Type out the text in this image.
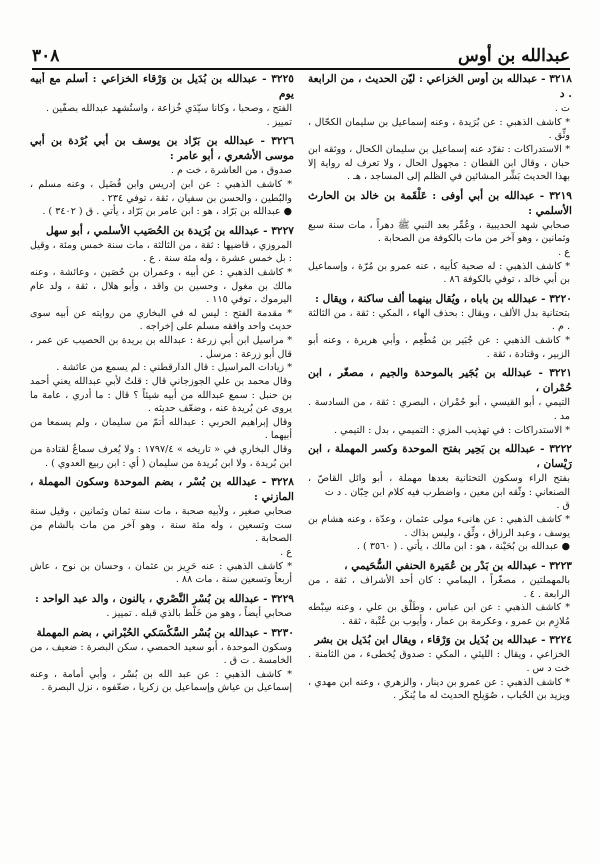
عبدالله بن أوس
٣٠٨

٣٢١٨ - عبدالله بن أوس الخزاعي : ليّن الحديث ، من الرابعة . د

ت .

* كاشف الذهبي : عن بُرَيدة ، وعنه إسماعيل بن سليمان الكحّال ، وثِّق .

* الاستدراكات : تفرّد عنه إسماعيل بن سليمان الكحال ، ووثقه ابن حبان ، وقال ابن القطان : مجهول الحال ، ولا تعرف له رواية إلا بهذا الحديث بَشِّر المشائين في الظلم إلى المساجد ، هـ .

٣٢١٩ - عبدالله بن أبي أوفى : عَلْقَمة بن خالد بن الحارث الأسلمي :

صحابي شهد الحديبية ، وعُمِّر بعد النبي ﷺ دهراً ، مات سنة سبع وثمانين ، وهو آخر من مات بالكوفة من الصحابة .

ع .

* كاشف الذهبي : له صحبة كأبيه ، عنه عمرو بن مُرّة ، وإسماعيل بن أبي خالد ، توفي بالكوفة ٨٦ .

٣٢٢٠ - عبدالله بن باباه ، ويُقال بينهما ألف ساكنة ، ويقال :

بتحتانية بدل الألف ، ويقال : بحذف الهاء ، المكي : ثقة ، من الثالثة . م .

* كاشف الذهبي : عن جُبَير بن مُطْعِم ، وأبي هريرة ، وعنه أبو الزبير ، وقتادة ، ثقة .

٣٢٢١ - عبدالله بن بُجَير بالموحدة والجيم ، مصغّر ، ابن حُمْران ،

التيمي ، أبو القيسي ، أبو حُمْران ، البصري : ثقة ، من السادسة . مد .

* الاستدراكات : في تهذيب المزي : التميمي ، بدل : التيمي .

٣٢٢٢ - عبدالله بن بَحِير بفتح الموحدة وكسر المهملة ، ابن رَيْسان ،

بفتح الراء وسكون التحتانية بعدها مهملة ، أبو وائل القاصّ ، الصنعاني : وثّقه ابن معين ، واضطرب فيه كلام ابن حِبّان . د ت

ق .

* كاشف الذهبي : عن هانىء مولى عثمان ، وعدّة ، وعنه هشام بن يوسف ، وعبد الرزاق ، وثِّق ، وليس بذاك .

● عبدالله بن بُحَيْنة ، هو : ابن مالك ، يأتي . ( ٣٥٦٠ ) .

٣٢٢٣ - عبدالله بن بَدْر بن عُمَيرة الحنفي السُّحَيمي ،

بالمهملتين ، مصغّراً ، اليمامي : كان أحد الأشراف ، ثقة ، من الرابعة . ٤ .

* كاشف الذهبي : عن ابن عباس ، وطَلْق بن علي ، وعنه سِبْطه مُلازِم بن عمرو ، وعكرمة بن عمار ، وأيوب بن عُتْبة ، ثقة .

٣٢٢٤ - عبدالله بن بُدَيل بن وَرْقاء ، ويقال ابن بُدَيل بن بشر

الخزاعي ، ويقال : الليثي ، المكي : صدوق يُخطىء ، من الثامنة . خت د س .

* كاشف الذهبي : عن عمرو بن دينار ، والزهري ، وعنه ابن مهدي ، ويزيد بن الحُباب ، صُوَيلح الحديث له ما يُنكَر .

٣٢٢٥ - عبدالله بن بُدَيل بن وَرْقاء الخزاعي : أسلم مع أبيه يوم

الفتح ، وصحبا ، وكانا سيّدَي خُزاعة ، واستُشهد عبدالله بصفّين .

تمييز .

٣٢٢٦ - عبدالله بن بَرّاد بن يوسف بن أبي بُرْدة بن أبي موسى الأشعري ، أبو عامر :

صدوق ، من العاشرة ، خت م .

* كاشف الذهبي : عن ابن إدريس وابن فُضَيل ، وعنه مسلم ، والبُطين ، والحسن بن سفيان ، ثقة ، توفي ٢٣٤ .

● عبدالله بن بَرّاد ، هو : ابن عامر بن بَرّاد ، يأتي . ق ( ٣٤٠٢ ) .

٣٢٢٧ - عبدالله بن بُرَيدة بن الحُصَيب الأسلمي ، أبو سهل

المروزي ، قاضيها : ثقة ، من الثالثة ، مات سنة خمس ومئة ، وقيل : بل خمس عشرة ، وله مئة سنة . ع .

* كاشف الذهبي : عن أبيه ، وعمران بن حُصَين ، وعائشة ، وعنه مالك بن مغول ، وحسين بن واقد ، وأبو هلال ، ثقة ، ولد عام اليرموك ، توفي ١١٥ .

* مقدمة الفتح : ليس له في البخاري من روايته عن أبيه سوى حديث واحد وافقه مسلم على إخراجه .

* مراسيل ابن أبي زرعة : عبدالله بن بريدة بن الحصيب عن عمر ، قال أبو زرعة : مرسل .

* زيادات المراسيل : قال الدارقطني : لم يسمع من عائشة .

وقال محمد بن علي الجوزجاني قال : قلتُ لأبي عبدالله يعني أحمد بن حنبل : سمع عبدالله من أبيه شيئاً ؟ قال : ما أدري ، عامة ما يروى عن بُريدة عنه ، وضعّف حديثه .

وقال إبراهيم الحربي : عبدالله أتمّ من سليمان ، ولم يسمعا من أبيهما .

وقال البخاري في « تاريخه » ١٧٩٧/٤ : ولا يُعرف سماعٌ لقتادة من ابن بُريدة ، ولا ابن بُريدة من سليمان ( أي : ابن ربيع العدوي ) .

٣٢٢٨ - عبدالله بن بُسْر ، بضم الموحدة وسكون المهملة ، المازني :

صحابي صغير ، ولأبيه صحبة ، مات سنة ثمان وثمانين ، وقيل سنة ست وتسعين ، وله مئة سنة ، وهو آخر من مات بالشام من الصحابة .

ع .

* كاشف الذهبي : عنه حَرِيز بن عثمان ، وحسان بن نوح ، عاش أربعاً وتسعين سنة ، مات ٨٨ .

٣٢٢٩ - عبدالله بن بُسْر النَّصْري ، بالنون ، والد عبد الواحد :

صحابي أيضاً ، وهو من خَلْط بالذي قبله . تمييز .

٣٢٣٠ - عبدالله بن بُسْر السَّكْسَكي الحُبْراني ، بضم المهملة

وسكون الموحدة ، أبو سعيد الحمصي ، سكن البصرة : ضعيف ، من الخامسة . ت ق .

* كاشف الذهبي : عن عبد الله بن بُسْر ، وأبي أمامة ، وعنه إسماعيل بن عياش وإسماعيل بن زكريا ، ضعّفوه ، نزل البصرة .
